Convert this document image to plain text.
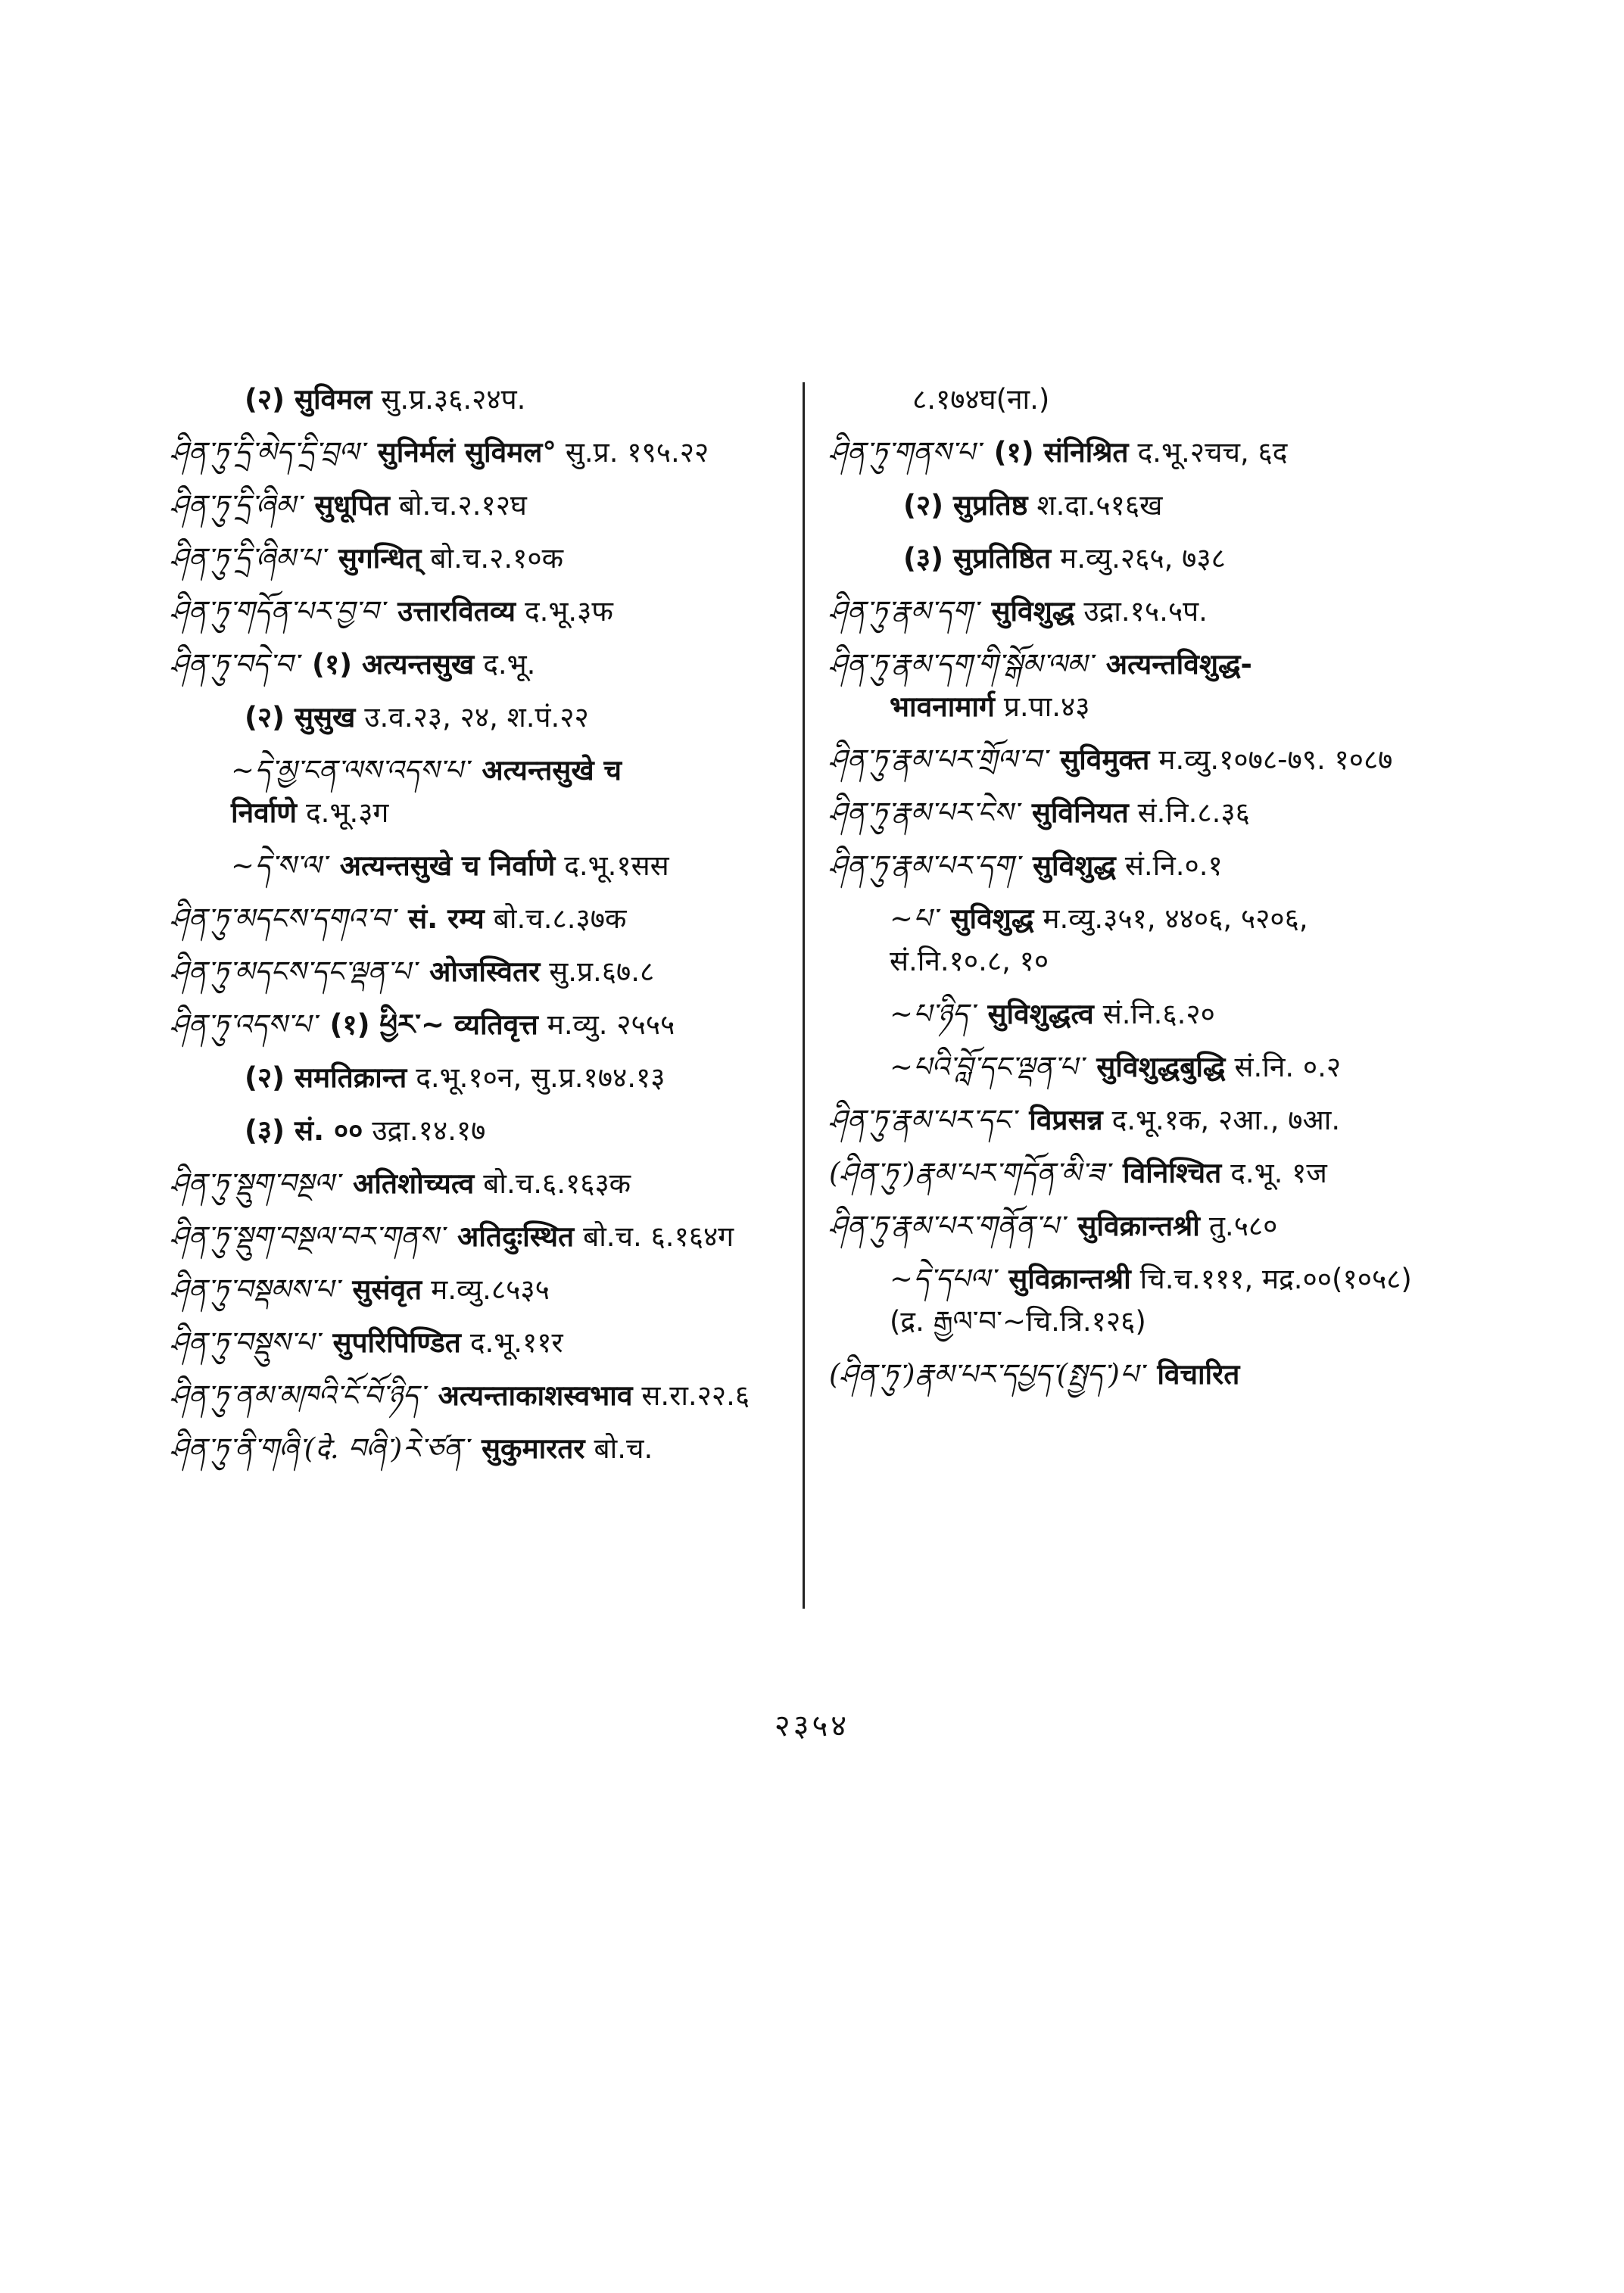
(२) सुविमल सु.प्र.३६.२४प.
ཤིན་ཏུ་དྲི་མེད་དྲི་བྲལ་ सुनिर्मलं सुविमल° सु.प्र. १९५.२२
ཤིན་ཏུ་དྲི་ཞིམ་ सुधूपित बो.च.२.१२घ
ཤིན་ཏུ་དྲི་ཞིམ་པ་ सुगन्धित् बो.च.२.१०क
ཤིན་ཏུ་གདོན་པར་བྱ་བ་ उत्तारवितव्य द.भू.३फ
ཤིན་ཏུ་བདེ་བ་ (१) अत्यन्तसुख द.भू.
(२) सुसुख उ.व.२३, २४, श.पं.२२
~དེ་མྱ་ངན་ལས་འདས་པ་ अत्यन्तसुखे च निर्वाणे द.भू.३ग
~དེ་ས་ལ་ अत्यन्तसुखे च निर्वाणे द.भू.१सस
ཤིན་ཏུ་མདངས་དགའ་བ་ सं. रम्य बो.च.८.३७क
ཤིན་ཏུ་མདངས་དང་ལྡན་པ་ ओजस्वितर सु.प्र.६७.८
ཤིན་ཏུ་འདས་པ་ (१) ཕྱིར་~ व्यतिवृत्त म.व्यु. २५५५
(२) समतिक्रान्त द.भू.१०न, सु.प्र.१७४.१३
(३) सं. ०० उद्रा.१४.१७
ཤིན་ཏུ་སྡུག་བསྔལ་ अतिशोच्यत्व बो.च.६.१६३क
ཤིན་ཏུ་སྡུག་བསྔལ་བར་གནས་ अतिदुःस्थित बो.च. ६.१६४ग
ཤིན་ཏུ་བསྡམས་པ་ सुसंवृत म.व्यु.८५३५
ཤིན་ཏུ་བསྡུས་པ་ सुपरिपिण्डित द.भू.११र
ཤིན་ཏུ་ནམ་མཁའི་ངོ་བོ་ཉིད་ अत्यन्ताकाशस्वभाव स.रा.२२.६
ཤིན་ཏུ་ནི་གཞི་(दे. བཞི་)རེ་ཙན་ सुकुमारतर बो.च.
८.१७४घ(ना.)
ཤིན་ཏུ་གནས་པ་ (१) संनिश्रित द.भू.२चच, ६द
(२) सुप्रतिष्ठ श.दा.५१६ख
(३) सुप्रतिष्ठित म.व्यु.२६५, ७३८
ཤིན་ཏུ་རྣམ་དག་ सुविशुद्ध उद्रा.१५.५प.
ཤིན་ཏུ་རྣམ་དག་གི་སྒོམ་ལམ་ अत्यन्तविशुद्ध-भावनामार्ग प्र.पा.४३
ཤིན་ཏུ་རྣམ་པར་གྲོལ་བ་ सुविमुक्त म.व्यु.१०७८-७९. १०८७
ཤིན་ཏུ་རྣམ་པར་ངེས་ सुविनियत सं.नि.८.३६
ཤིན་ཏུ་རྣམ་པར་དག་ सुविशुद्ध सं.नि.०.१
~པ་ सुविशुद्ध म.व्यु.३५१, ४४०६, ५२०६, सं.नि.१०.८, १०
~པ་ཉིད་ सुविशुद्धत्व सं.नि.६.२०
~པའི་བློ་དང་ལྡན་པ་ सुविशुद्धबुद्धि सं.नि. ०.२
ཤིན་ཏུ་རྣམ་པར་དང་ विप्रसन्न द.भू.१क, २आ., ७आ.
(ཤིན་ཏུ་)རྣམ་པར་གདོན་མི་ཟ་ विनिश्चित द.भू. १ज
ཤིན་ཏུ་རྣམ་པར་གནོན་པ་ सुविक्रान्तश्री तु.५८०
~དེ་དཔལ་ सुविक्रान्तश्री चि.च.१११, मद्र.००(१०५८)(द्र. རྒྱལ་བ་~चि.त्रि.१२६)
(ཤིན་ཏུ་)རྣམ་པར་དཔྱད་(སྤྱད་)པ་ विचारित
२३५४
